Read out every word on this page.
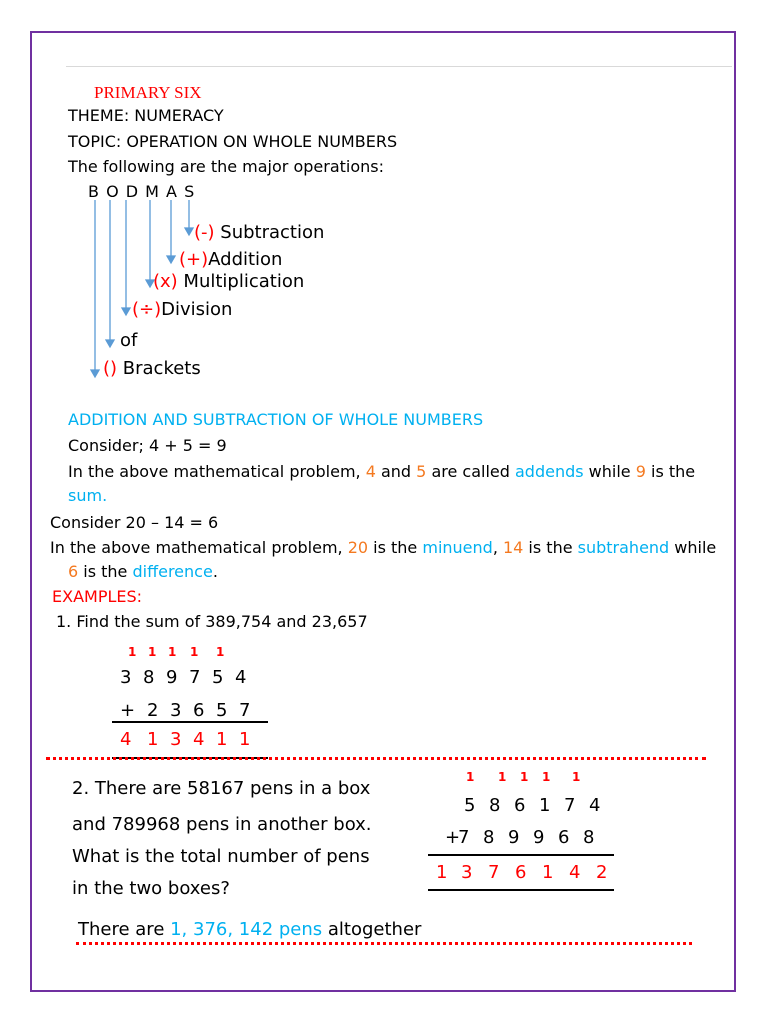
PRIMARY SIX
THEME: NUMERACY
TOPIC: OPERATION ON WHOLE NUMBERS
The following are the major operations:
B O D M A S
(-) Subtraction
(+)Addition
(x) Multiplication
(÷)Division
of
() Brackets
ADDITION AND SUBTRACTION OF WHOLE NUMBERS
Consider; 4 + 5 = 9
In the above mathematical problem, 4 and 5 are called addends while 9 is the
sum.
Consider 20 – 14 = 6
In the above mathematical problem, 20 is the minuend, 14 is the subtrahend while
6 is the difference.
EXAMPLES:
1. Find the sum of 389,754 and 23,657
1 1 1 1 1
3 8 9 7 5 4
+ 2 3 6 5 7
4 1 3 4 1 1
2. There are 58167 pens in a box
and 789968 pens in another box.
What is the total number of pens
in the two boxes?
1 1 1 1 1
5 8 6 1 7 4
+7 8 9 9 6 8
1 3 7 6 1 4 2
There are 1, 376, 142 pens altogether
